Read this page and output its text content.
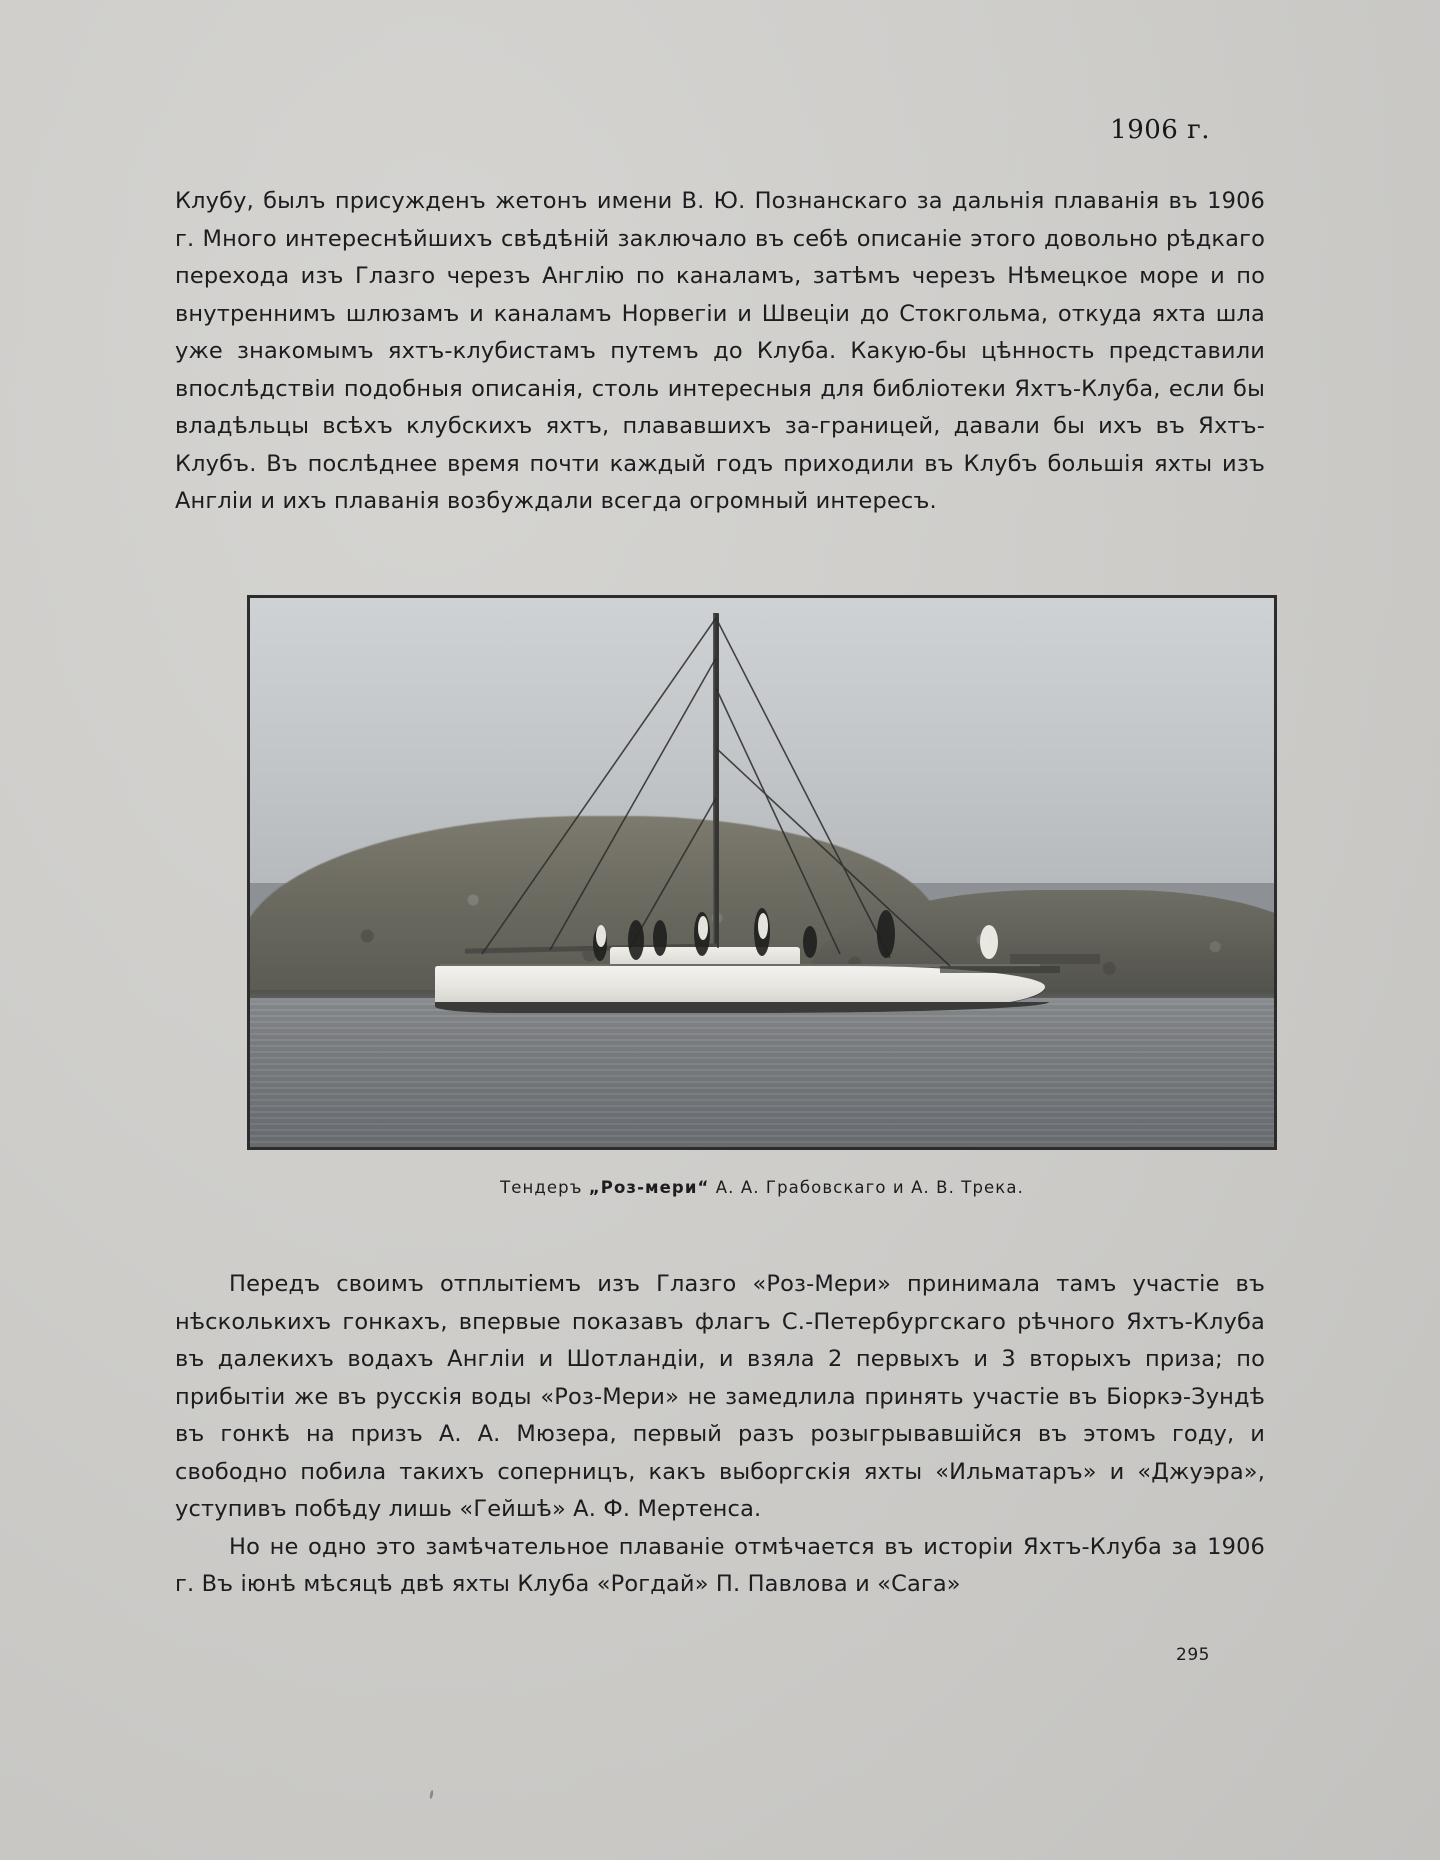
1906 г.

Клубу, былъ присужденъ жетонъ имени В. Ю. Познанскаго за дальнія плаванія въ 1906 г. Много интереснѣйшихъ свѣдѣній заключало въ себѣ описаніе этого довольно рѣдкаго перехода изъ Глазго черезъ Англію по каналамъ, затѣмъ черезъ Нѣмецкое море и по внутреннимъ шлюзамъ и каналамъ Норвегіи и Швеціи до Стокгольма, откуда яхта шла уже знакомымъ яхтъ-клубистамъ путемъ до Клуба. Какую-бы цѣнность представили впослѣдствіи подобныя описанія, столь интересныя для библіотеки Яхтъ-Клуба, если бы владѣльцы всѣхъ клубскихъ яхтъ, плававшихъ за-границей, давали бы ихъ въ Яхтъ-Клубъ. Въ послѣднее время почти каждый годъ приходили въ Клубъ большія яхты изъ Англіи и ихъ плаванія возбуждали всегда огромный интересъ.

Тендеръ „Роз-мери“ А. А. Грабовскаго и А. В. Трека.

Передъ своимъ отплытіемъ изъ Глазго «Роз-Мери» принимала тамъ участіе въ нѣсколькихъ гонкахъ, впервые показавъ флагъ С.-Петербургскаго рѣчного Яхтъ-Клуба въ далекихъ водахъ Англіи и Шотландіи, и взяла 2 первыхъ и 3 вторыхъ приза; по прибытіи же въ русскія воды «Роз-Мери» не замедлила принять участіе въ Біоркэ-Зундѣ въ гонкѣ на призъ А. А. Мюзера, первый разъ розыгрывавшійся въ этомъ году, и свободно побила такихъ соперницъ, какъ выборгскія яхты «Ильматаръ» и «Джуэра», уступивъ побѣду лишь «Гейшѣ» А. Ф. Мертенса.

Но не одно это замѣчательное плаваніе отмѣчается въ исторіи Яхтъ-Клуба за 1906 г. Въ іюнѣ мѣсяцѣ двѣ яхты Клуба «Рогдай» П. Павлова и «Сага»

295
